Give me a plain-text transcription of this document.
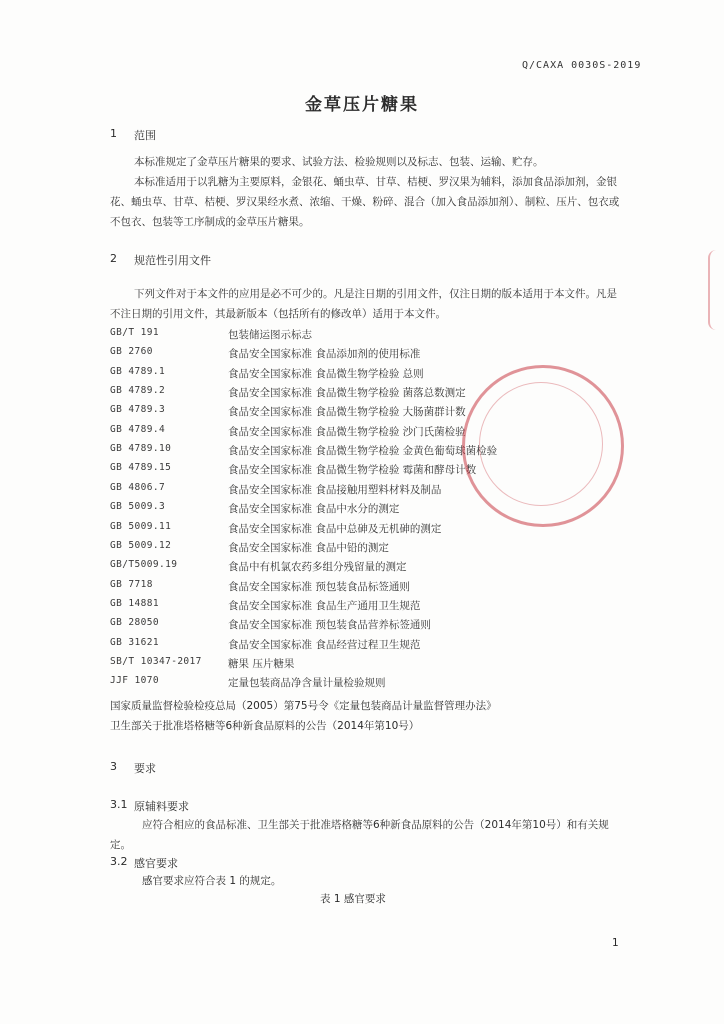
Q/CAXA 0030S-2019
金草压片糖果
1 范围
本标准规定了金草压片糖果的要求、试验方法、检验规则以及标志、包装、运输、贮存。
本标准适用于以乳糖为主要原料，金银花、蛹虫草、甘草、桔梗、罗汉果为辅料，添加食品添加剂，金银花、蛹虫草、甘草、桔梗、罗汉果经水煮、浓缩、干燥、粉碎、混合（加入食品添加剂）、制粒、压片、包衣或不包衣、包装等工序制成的金草压片糖果。
2 规范性引用文件
下列文件对于本文件的应用是必不可少的。凡是注日期的引用文件，仅注日期的版本适用于本文件。凡是不注日期的引用文件，其最新版本（包括所有的修改单）适用于本文件。
GB/T 191	包装储运图示标志
GB 2760	食品安全国家标准 食品添加剂的使用标准
GB 4789.1	食品安全国家标准 食品微生物学检验 总则
GB 4789.2	食品安全国家标准 食品微生物学检验 菌落总数测定
GB 4789.3	食品安全国家标准 食品微生物学检验 大肠菌群计数
GB 4789.4	食品安全国家标准 食品微生物学检验 沙门氏菌检验
GB 4789.10	食品安全国家标准 食品微生物学检验 金黄色葡萄球菌检验
GB 4789.15	食品安全国家标准 食品微生物学检验 霉菌和酵母计数
GB 4806.7	食品安全国家标准 食品接触用塑料材料及制品
GB 5009.3	食品安全国家标准 食品中水分的测定
GB 5009.11	食品安全国家标准 食品中总砷及无机砷的测定
GB 5009.12	食品安全国家标准 食品中铅的测定
GB/T5009.19	食品中有机氯农药多组分残留量的测定
GB 7718	食品安全国家标准 预包装食品标签通则
GB 14881	食品安全国家标准 食品生产通用卫生规范
GB 28050	食品安全国家标准 预包装食品营养标签通则
GB 31621	食品安全国家标准 食品经营过程卫生规范
SB/T 10347-2017 糖果 压片糖果
JJF 1070	定量包装商品净含量计量检验规则
国家质量监督检验检疫总局（2005）第75号令《定量包装商品计量监督管理办法》
卫生部关于批准塔格糖等6种新食品原料的公告（2014年第10号）
3 要求
3.1 原辅料要求
应符合相应的食品标准、卫生部关于批准塔格糖等6种新食品原料的公告（2014年第10号）和有关规定。
3.2 感官要求
感官要求应符合表 1 的规定。
表 1 感官要求
1
